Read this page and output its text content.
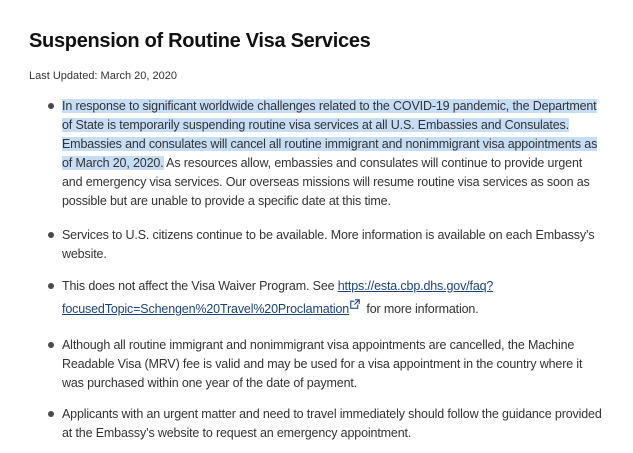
Suspension of Routine Visa Services
Last Updated: March 20, 2020
In response to significant worldwide challenges related to the COVID-19 pandemic, the Department of State is temporarily suspending routine visa services at all U.S. Embassies and Consulates. Embassies and consulates will cancel all routine immigrant and nonimmigrant visa appointments as of March 20, 2020. As resources allow, embassies and consulates will continue to provide urgent and emergency visa services. Our overseas missions will resume routine visa services as soon as possible but are unable to provide a specific date at this time.
Services to U.S. citizens continue to be available. More information is available on each Embassy’s website.
This does not affect the Visa Waiver Program. See https://esta.cbp.dhs.gov/faq?focusedTopic=Schengen%20Travel%20Proclamation for more information.
Although all routine immigrant and nonimmigrant visa appointments are cancelled, the Machine Readable Visa (MRV) fee is valid and may be used for a visa appointment in the country where it was purchased within one year of the date of payment.
Applicants with an urgent matter and need to travel immediately should follow the guidance provided at the Embassy’s website to request an emergency appointment.
